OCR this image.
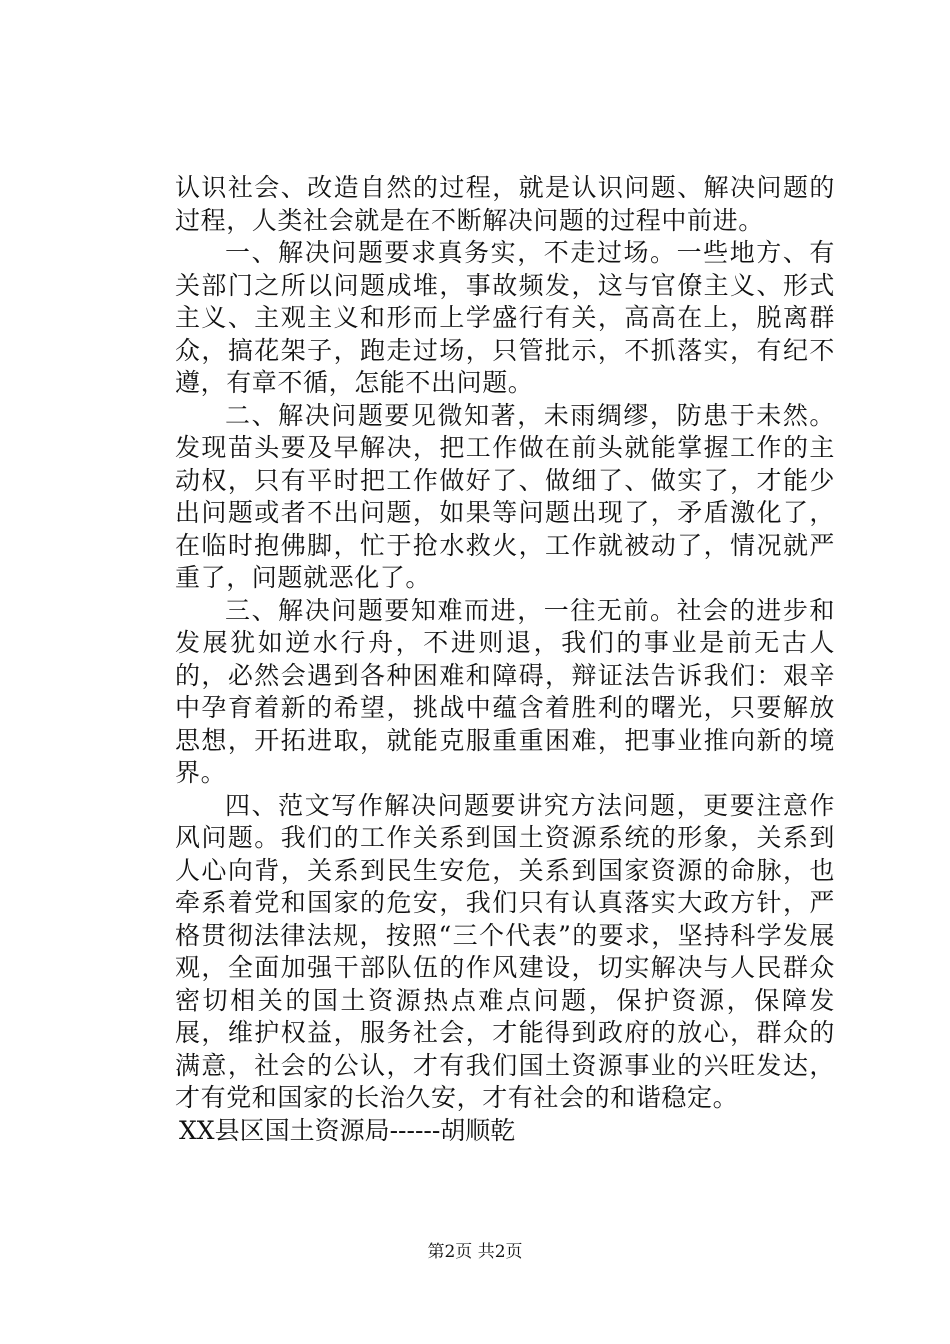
认识社会、改造自然的过程，就是认识问题、解决问题的过程，人类社会就是在不断解决问题的过程中前进。

一、解决问题要求真务实，不走过场。一些地方、有关部门之所以问题成堆，事故频发，这与官僚主义、形式主义、主观主义和形而上学盛行有关，高高在上，脱离群众，搞花架子，跑走过场，只管批示，不抓落实，有纪不遵，有章不循，怎能不出问题。

二、解决问题要见微知著，未雨绸缪，防患于未然。发现苗头要及早解决，把工作做在前头就能掌握工作的主动权，只有平时把工作做好了、做细了、做实了，才能少出问题或者不出问题，如果等问题出现了，矛盾激化了，在临时抱佛脚，忙于抢水救火，工作就被动了，情况就严重了，问题就恶化了。

三、解决问题要知难而进，一往无前。社会的进步和发展犹如逆水行舟，不进则退，我们的事业是前无古人的，必然会遇到各种困难和障碍，辩证法告诉我们：艰辛中孕育着新的希望，挑战中蕴含着胜利的曙光，只要解放思想，开拓进取，就能克服重重困难，把事业推向新的境界。

四、范文写作解决问题要讲究方法问题，更要注意作风问题。我们的工作关系到国土资源系统的形象，关系到人心向背，关系到民生安危，关系到国家资源的命脉，也牵系着党和国家的危安，我们只有认真落实大政方针，严格贯彻法律法规，按照“三个代表”的要求，坚持科学发展观，全面加强干部队伍的作风建设，切实解决与人民群众密切相关的国土资源热点难点问题，保护资源，保障发展，维护权益，服务社会，才能得到政府的放心，群众的满意，社会的公认，才有我们国土资源事业的兴旺发达，才有党和国家的长治久安，才有社会的和谐稳定。

XX县区国土资源局------胡顺乾

第2页 共2页
